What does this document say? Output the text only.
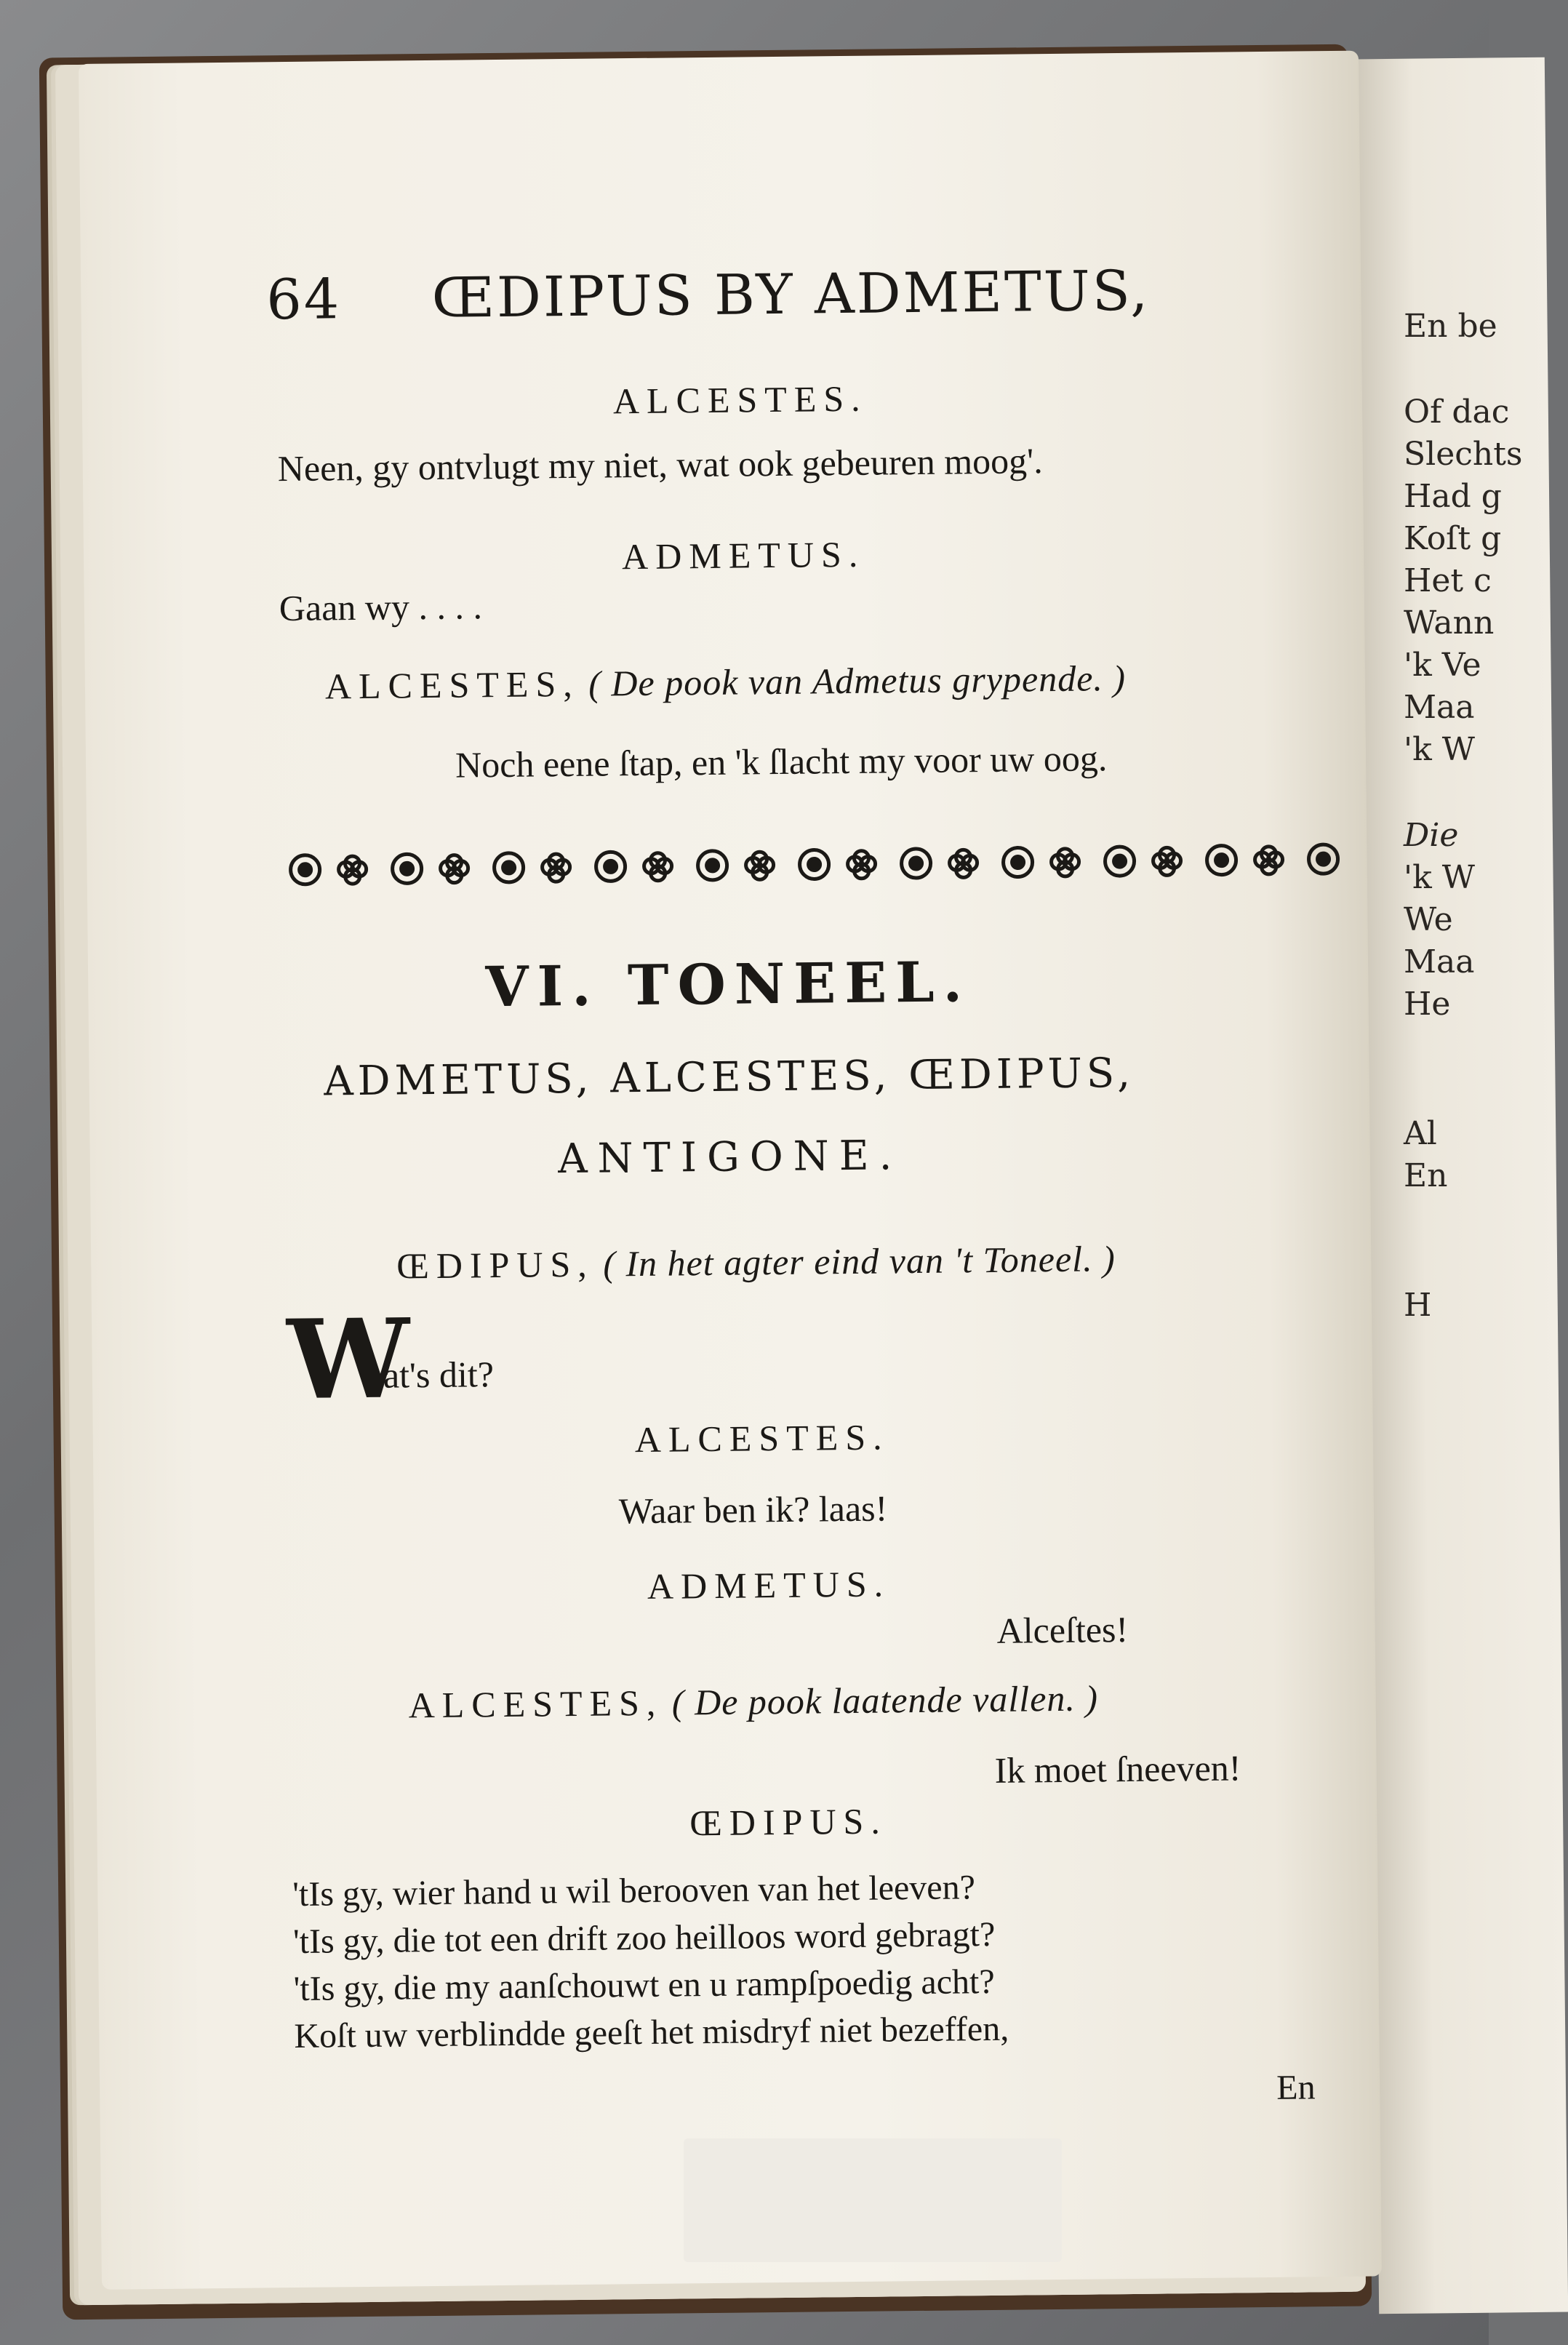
En be
Of dac
Slechts
Had g
Koſt g
Het c
Wann
'k Ve
Maa
'k W
Die
'k W
We
Maa
He
Al
En
H
64 ŒDIPUS BY ADMETUS,
ALCESTES.
Neen, gy ontvlugt my niet, wat ook gebeuren moog'.
ADMETUS.
Gaan wy . . . .
ALCESTES, ( De pook van Admetus grypende. )
Noch eene ſtap, en 'k ſlacht my voor uw oog.
VI. TONEEL.
ADMETUS, ALCESTES, ŒDIPUS,
ANTIGONE.
ŒDIPUS, ( In het agter eind van 't Toneel. )
W
at's dit?
ALCESTES.
Waar ben ik? laas!
ADMETUS.
Alceſtes!
ALCESTES, ( De pook laatende vallen. )
Ik moet ſneeven!
ŒDIPUS.
'tIs gy, wier hand u wil berooven van het leeven?
'tIs gy, die tot een drift zoo heilloos word gebragt?
'tIs gy, die my aanſchouwt en u rampſpoedig acht?
Koſt uw verblindde geeſt het misdryf niet bezeffen,
En
